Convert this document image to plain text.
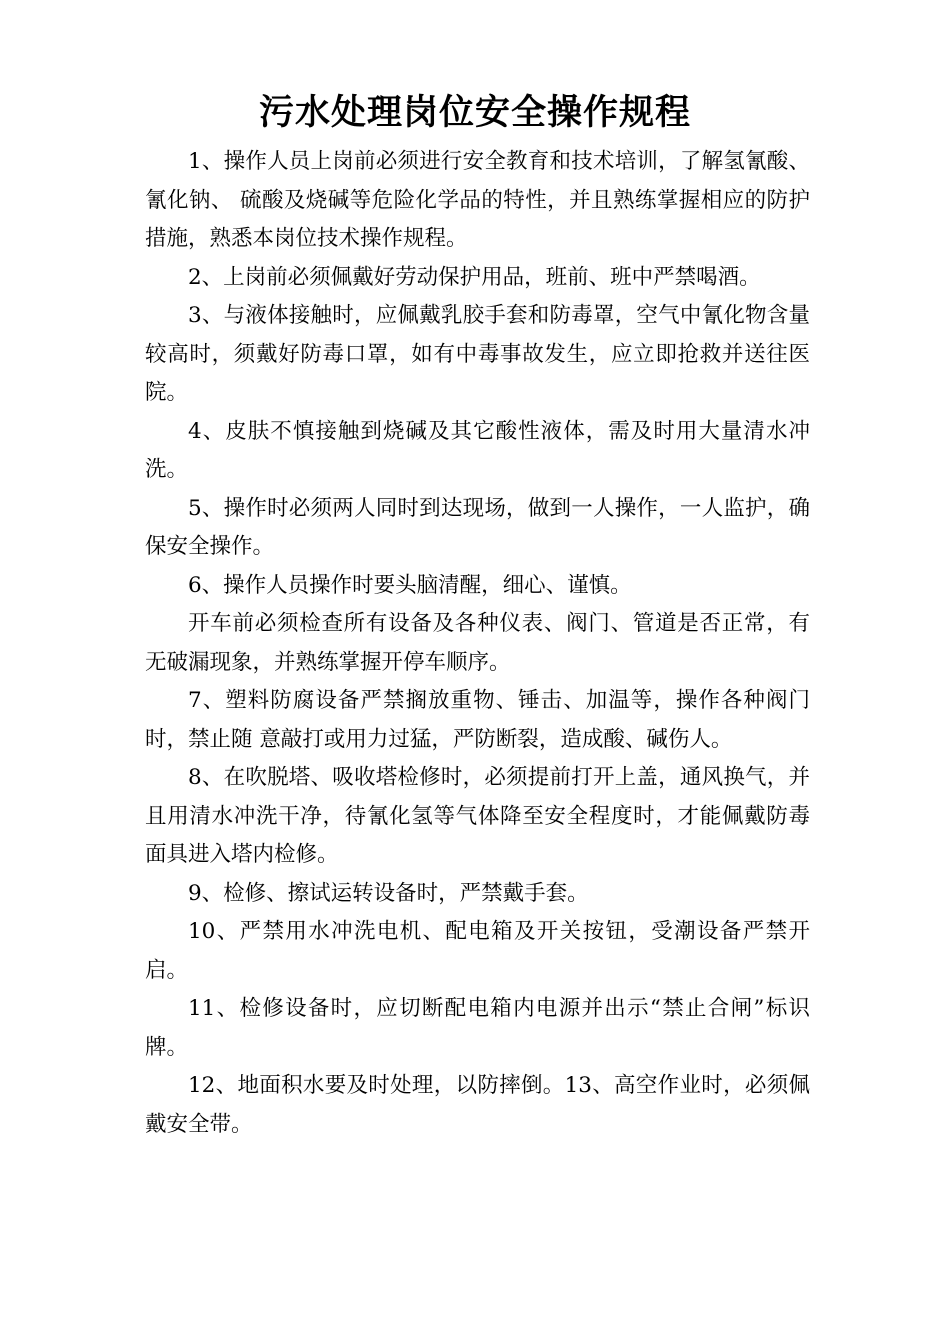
污水处理岗位安全操作规程

1、操作人员上岗前必须进行安全教育和技术培训，了解氢氰酸、氰化钠、 硫酸及烧碱等危险化学品的特性，并且熟练掌握相应的防护措施，熟悉本岗位技术操作规程。

2、上岗前必须佩戴好劳动保护用品，班前、班中严禁喝酒。

3、与液体接触时，应佩戴乳胶手套和防毒罩，空气中氰化物含量较高时，须戴好防毒口罩，如有中毒事故发生，应立即抢救并送往医院。

4、皮肤不慎接触到烧碱及其它酸性液体，需及时用大量清水冲洗。

5、操作时必须两人同时到达现场，做到一人操作，一人监护，确保安全操作。

6、操作人员操作时要头脑清醒，细心、谨慎。

开车前必须检查所有设备及各种仪表、阀门、管道是否正常，有无破漏现象，并熟练掌握开停车顺序。

7、塑料防腐设备严禁搁放重物、锤击、加温等，操作各种阀门时，禁止随 意敲打或用力过猛，严防断裂，造成酸、碱伤人。

8、在吹脱塔、吸收塔检修时，必须提前打开上盖，通风换气，并且用清水冲洗干净，待氰化氢等气体降至安全程度时，才能佩戴防毒面具进入塔内检修。

9、检修、擦试运转设备时，严禁戴手套。

10、严禁用水冲洗电机、配电箱及开关按钮，受潮设备严禁开启。

11、检修设备时，应切断配电箱内电源并出示“禁止合闸”标识牌。

12、地面积水要及时处理，以防摔倒。13、高空作业时，必须佩戴安全带。
